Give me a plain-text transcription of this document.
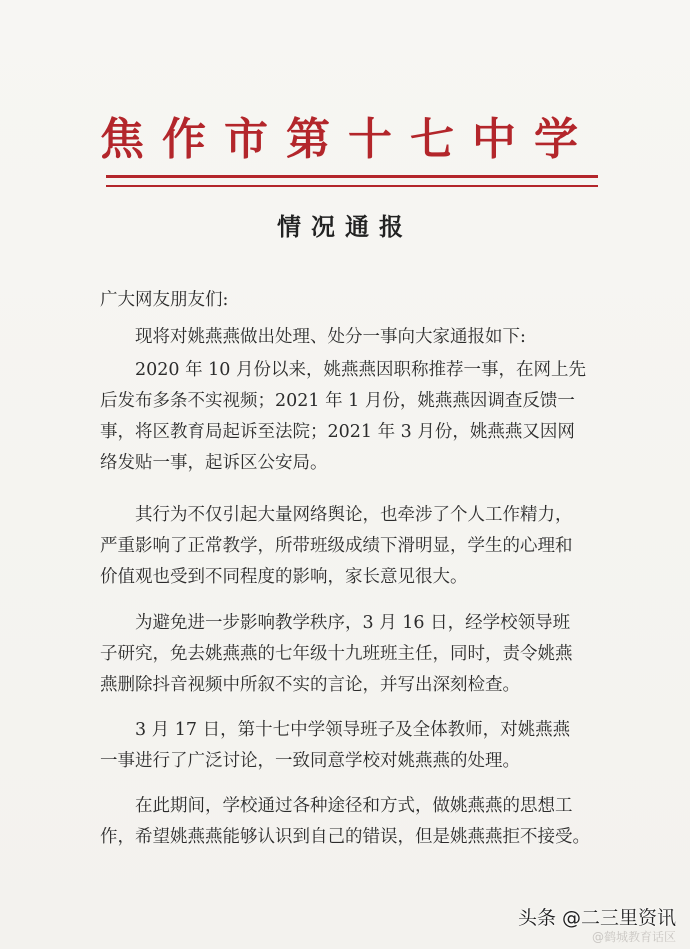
焦作市第十七中学
情况通报
广大网友朋友们:
现将对姚燕燕做出处理、处分一事向大家通报如下:
2020 年 10 月份以来，姚燕燕因职称推荐一事，在网上先
后发布多条不实视频；2021 年 1 月份，姚燕燕因调查反馈一
事，将区教育局起诉至法院；2021 年 3 月份，姚燕燕又因网
络发贴一事，起诉区公安局。
其行为不仅引起大量网络舆论，也牵涉了个人工作精力，
严重影响了正常教学，所带班级成绩下滑明显，学生的心理和
价值观也受到不同程度的影响，家长意见很大。
为避免进一步影响教学秩序，3 月 16 日，经学校领导班
子研究，免去姚燕燕的七年级十九班班主任，同时，责令姚燕
燕删除抖音视频中所叙不实的言论，并写出深刻检查。
3 月 17 日，第十七中学领导班子及全体教师，对姚燕燕
一事进行了广泛讨论，一致同意学校对姚燕燕的处理。
在此期间，学校通过各种途径和方式，做姚燕燕的思想工
作，希望姚燕燕能够认识到自己的错误，但是姚燕燕拒不接受。
头条 @二三里资讯
@鹤城教育话区
